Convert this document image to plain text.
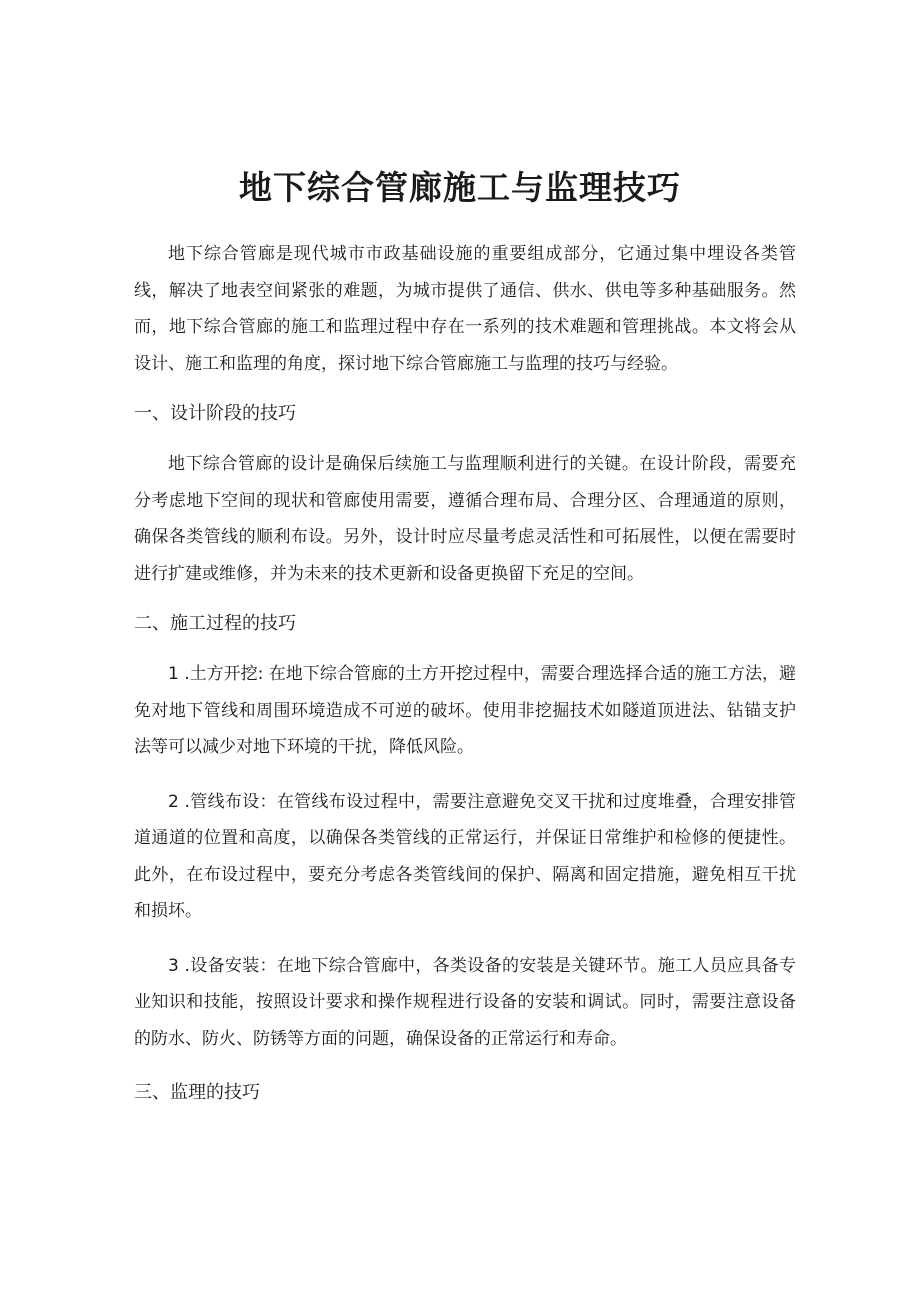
地下综合管廊施工与监理技巧

地下综合管廊是现代城市市政基础设施的重要组成部分，它通过集中埋设各类管线，解决了地表空间紧张的难题，为城市提供了通信、供水、供电等多种基础服务。然而，地下综合管廊的施工和监理过程中存在一系列的技术难题和管理挑战。本文将会从设计、施工和监理的角度，探讨地下综合管廊施工与监理的技巧与经验。

一、设计阶段的技巧

地下综合管廊的设计是确保后续施工与监理顺利进行的关键。在设计阶段，需要充分考虑地下空间的现状和管廊使用需要，遵循合理布局、合理分区、合理通道的原则，确保各类管线的顺利布设。另外，设计时应尽量考虑灵活性和可拓展性，以便在需要时进行扩建或维修，并为未来的技术更新和设备更换留下充足的空间。

二、施工过程的技巧

1 .土方开挖: 在地下综合管廊的土方开挖过程中，需要合理选择合适的施工方法，避免对地下管线和周围环境造成不可逆的破坏。使用非挖掘技术如隧道顶进法、钻锚支护法等可以减少对地下环境的干扰，降低风险。

2 .管线布设：在管线布设过程中，需要注意避免交叉干扰和过度堆叠，合理安排管道通道的位置和高度，以确保各类管线的正常运行，并保证日常维护和检修的便捷性。此外，在布设过程中，要充分考虑各类管线间的保护、隔离和固定措施，避免相互干扰和损坏。

3 .设备安装：在地下综合管廊中，各类设备的安装是关键环节。施工人员应具备专业知识和技能，按照设计要求和操作规程进行设备的安装和调试。同时，需要注意设备的防水、防火、防锈等方面的问题，确保设备的正常运行和寿命。

三、监理的技巧
